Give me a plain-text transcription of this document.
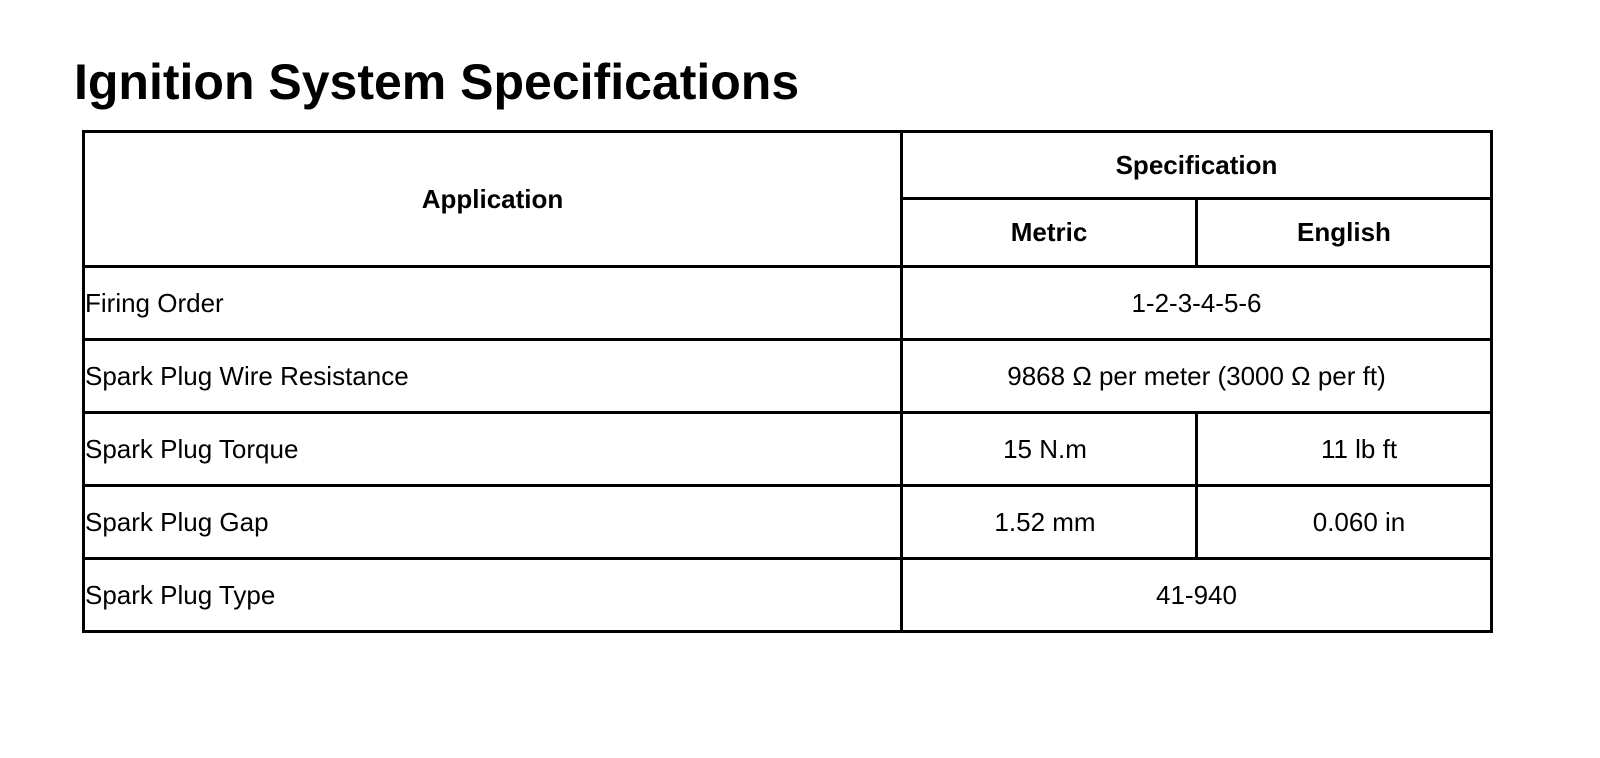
Ignition System Specifications
Application	Specification	
	Metric	English
Firing Order	1-2-3-4-5-6	
Spark Plug Wire Resistance	9868 Ω per meter (3000 Ω per ft)	
Spark Plug Torque	15 N.m	11 lb ft
Spark Plug Gap	1.52 mm	0.060 in
Spark Plug Type	41-940	
